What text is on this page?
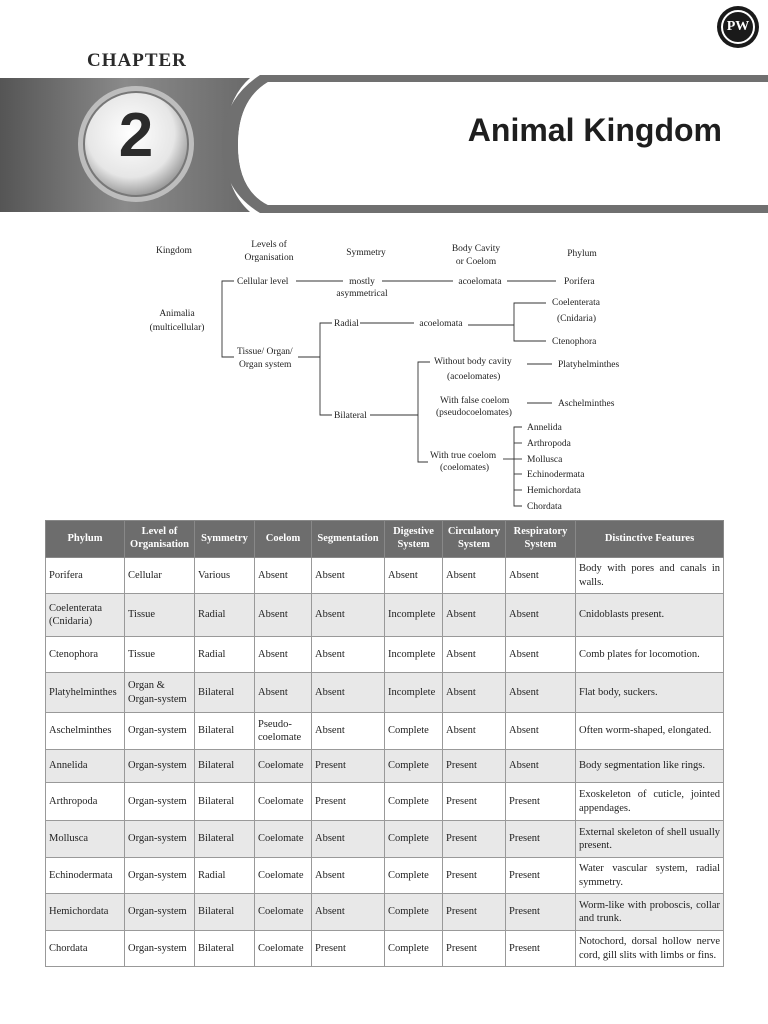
CHAPTER
2	Animal Kingdom
PW
Kingdom
Levels of
Organisation	Symmetry	Body Cavity
or Coelom
Phylum
Animalia
(multicellular)
Cellular level	mostly
asymmetrical
acoelomata	Porifera
Tissue/ Organ/
Organ system
Radial	acoelomata
Coelenterata
(Cnidaria)
Ctenophora
Bilateral
Without body cavity
(acoelomates)
Platyhelminthes
With false coelom
(pseudocoelomates)
Aschelminthes
With true coelom
(coelomates)
Annelida
Arthropoda
Mollusca
Echinodermata
Hemichordata
Chordata
Phylum	Level of Organisation	Symmetry	Coelom	Segmentation	Digestive System	Circulatory System	Respiratory System	Distinctive Features
Porifera	Cellular	Various	Absent	Absent	Absent	Absent	Absent	Body with pores and canals in walls.
Coelenterata (Cnidaria)	Tissue	Radial	Absent	Absent	Incomplete	Absent	Absent	Cnidoblasts present.
Ctenophora	Tissue	Radial	Absent	Absent	Incomplete	Absent	Absent	Comb plates for locomotion.
Platyhelminthes	Organ & Organ-system	Bilateral	Absent	Absent	Incomplete	Absent	Absent	Flat body, suckers.
Aschelminthes	Organ-system	Bilateral	Pseudo-coelomate	Absent	Complete	Absent	Absent	Often worm-shaped, elongated.
Annelida	Organ-system	Bilateral	Coelomate	Present	Complete	Present	Absent	Body segmentation like rings.
Arthropoda	Organ-system	Bilateral	Coelomate	Present	Complete	Present	Present	Exoskeleton of cuticle, jointed appendages.
Mollusca	Organ-system	Bilateral	Coelomate	Absent	Complete	Present	Present	External skeleton of shell usually present.
Echinodermata	Organ-system	Radial	Coelomate	Absent	Complete	Present	Present	Water vascular system, radial symmetry.
Hemichordata	Organ-system	Bilateral	Coelomate	Absent	Complete	Present	Present	Worm-like with proboscis, collar and trunk.
Chordata	Organ-system	Bilateral	Coelomate	Present	Complete	Present	Present	Notochord, dorsal hollow nerve cord, gill slits with limbs or fins.
